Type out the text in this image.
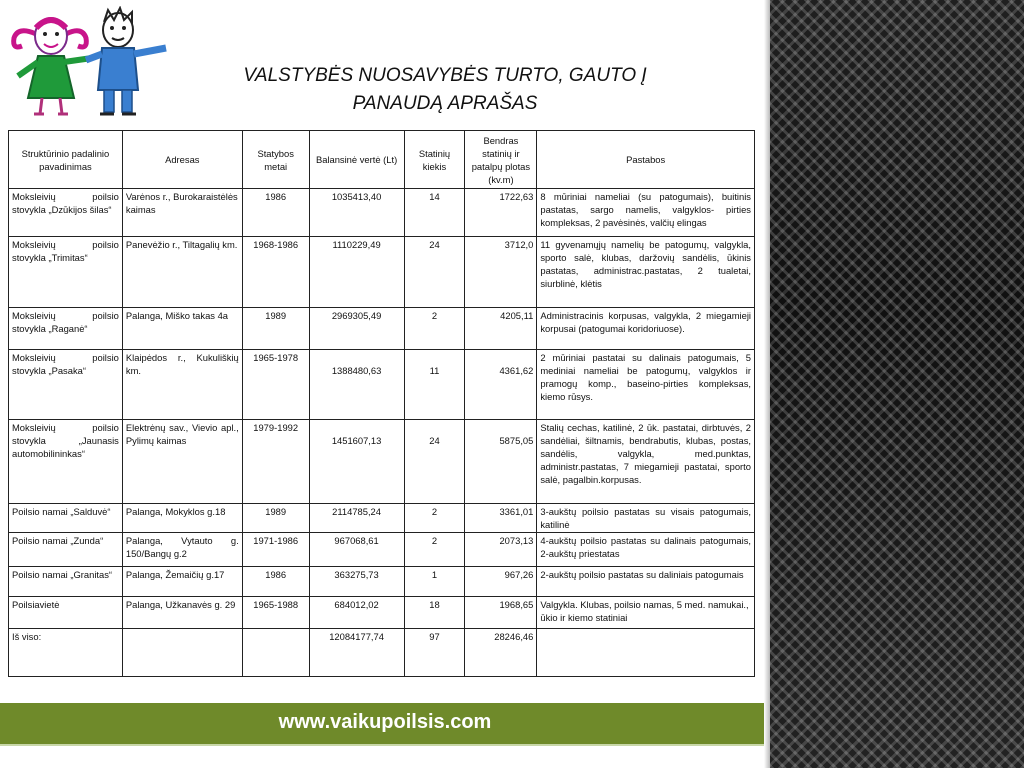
VALSTYBĖS NUOSAVYBĖS TURTO, GAUTO Į
PANAUDĄ APRAŠAS
Struktūrinio padalinio pavadinimas	Adresas	Statybos metai	Balansinė vertė (Lt)	Statinių kiekis	Bendras statinių ir patalpų plotas (kv.m)	Pastabos
Moksleivių poilsio stovykla „Dzūkijos šilas“	Varėnos r., Burokaraistėlės kaimas	1986	1035413,40	14	1722,63	8 mūriniai nameliai (su patogumais), buitinis pastatas, sargo namelis, valgyklos- pirties kompleksas, 2 pavėsinės, valčių elingas
Moksleivių poilsio stovykla „Trimitas“	Panevėžio r., Tiltagalių km.	1968-1986	1110229,49	24	3712,0	11 gyvenamųjų namelių be patogumų, valgykla, sporto salė, klubas, daržovių sandėlis, ūkinis pastatas, administrac.pastatas, 2 tualetai, siurblinė, klėtis
Moksleivių poilsio stovykla „Raganė“	Palanga, Miško takas 4a	1989	2969305,49	2	4205,11	Administracinis korpusas, valgykla, 2 miegamieji korpusai (patogumai koridoriuose).
Moksleivių poilsio stovykla „Pasaka“	Klaipėdos r., Kukuliškių km.	1965-1978	1388480,63	11	4361,62	2 mūriniai pastatai su dalinais patogumais, 5 mediniai nameliai be patogumų, valgyklos ir pramogų komp., baseino-pirties kompleksas, kiemo rūsys.
Moksleivių poilsio stovykla „Jaunasis automobilininkas“	Elektrėnų sav., Vievio apl., Pylimų kaimas	1979-1992	1451607,13	24	5875,05	Stalių cechas, katilinė, 2 ūk. pastatai, dirbtuvės, 2 sandėliai, šiltnamis, bendrabutis, klubas, postas, sandėlis, valgykla, med.punktas, administr.pastatas, 7 miegamieji pastatai, sporto salė, pagalbin.korpusas.
Poilsio namai „Salduvė“	Palanga, Mokyklos g.18	1989	2114785,24	2	3361,01	3-aukštų poilsio pastatas su visais patogumais, katilinė
Poilsio namai „Zunda“	Palanga, Vytauto g. 150/Bangų g.2	1971-1986	967068,61	2	2073,13	4-aukštų poilsio pastatas su dalinais patogumais, 2-aukštų priestatas
Poilsio namai „Granitas“	Palanga, Žemaičių g.17	1986	363275,73	1	967,26	2-aukštų poilsio pastatas su daliniais patogumais
Poilsiavietė	Palanga, Užkanavės g. 29	1965-1988	684012,02	18	1968,65	Valgykla. Klubas, poilsio namas, 5 med. namukai., ūkio ir kiemo statiniai
Iš viso:			12084177,74	97	28246,46	
www.vaikupoilsis.com
